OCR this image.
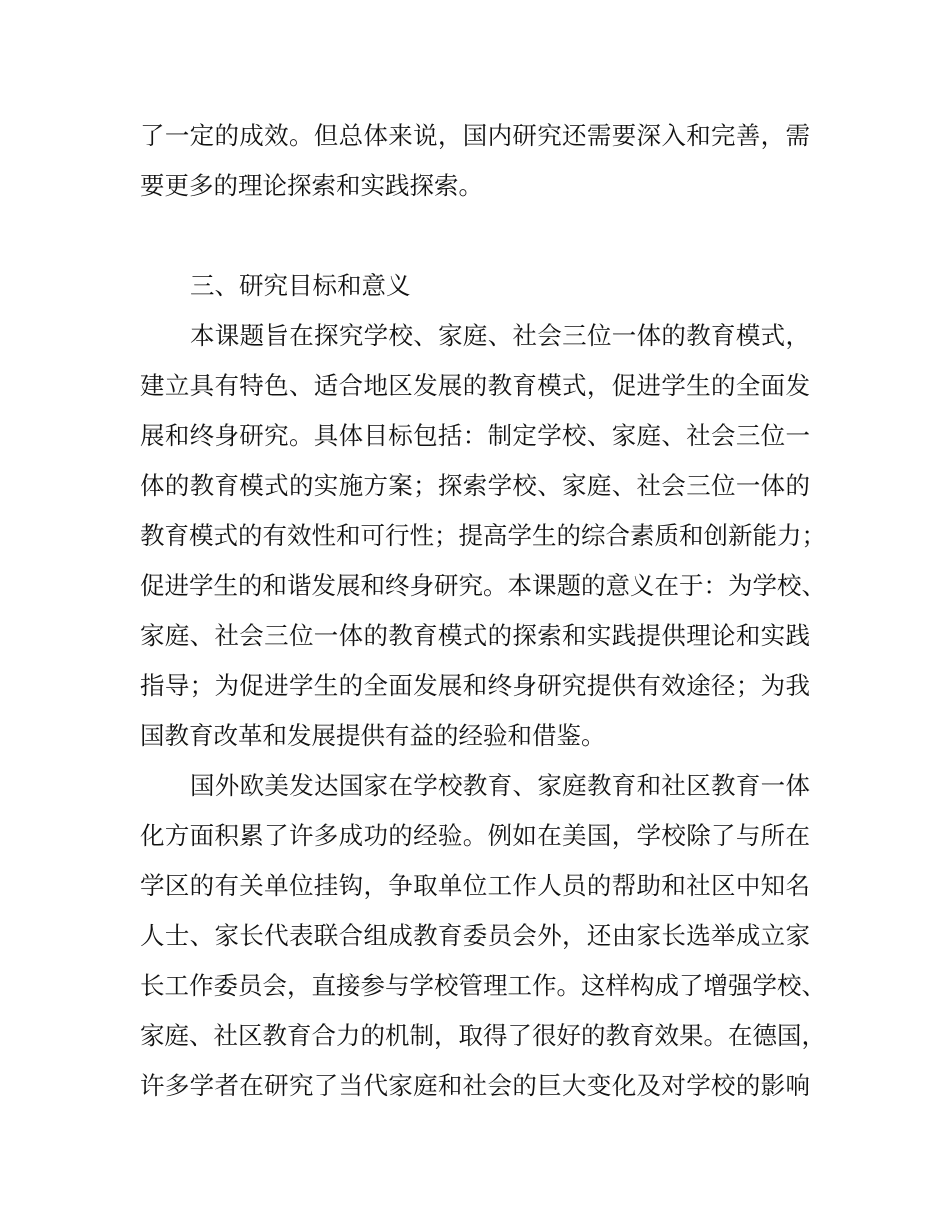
了一定的成效。但总体来说，国内研究还需要深入和完善，需
要更多的理论探索和实践探索。
三、研究目标和意义
本课题旨在探究学校、家庭、社会三位一体的教育模式，
建立具有特色、适合地区发展的教育模式，促进学生的全面发
展和终身研究。具体目标包括：制定学校、家庭、社会三位一
体的教育模式的实施方案；探索学校、家庭、社会三位一体的
教育模式的有效性和可行性；提高学生的综合素质和创新能力；
促进学生的和谐发展和终身研究。本课题的意义在于：为学校、
家庭、社会三位一体的教育模式的探索和实践提供理论和实践
指导；为促进学生的全面发展和终身研究提供有效途径；为我
国教育改革和发展提供有益的经验和借鉴。
国外欧美发达国家在学校教育、家庭教育和社区教育一体
化方面积累了许多成功的经验。例如在美国，学校除了与所在
学区的有关单位挂钩，争取单位工作人员的帮助和社区中知名
人士、家长代表联合组成教育委员会外，还由家长选举成立家
长工作委员会，直接参与学校管理工作。这样构成了增强学校、
家庭、社区教育合力的机制，取得了很好的教育效果。在德国，
许多学者在研究了当代家庭和社会的巨大变化及对学校的影响
